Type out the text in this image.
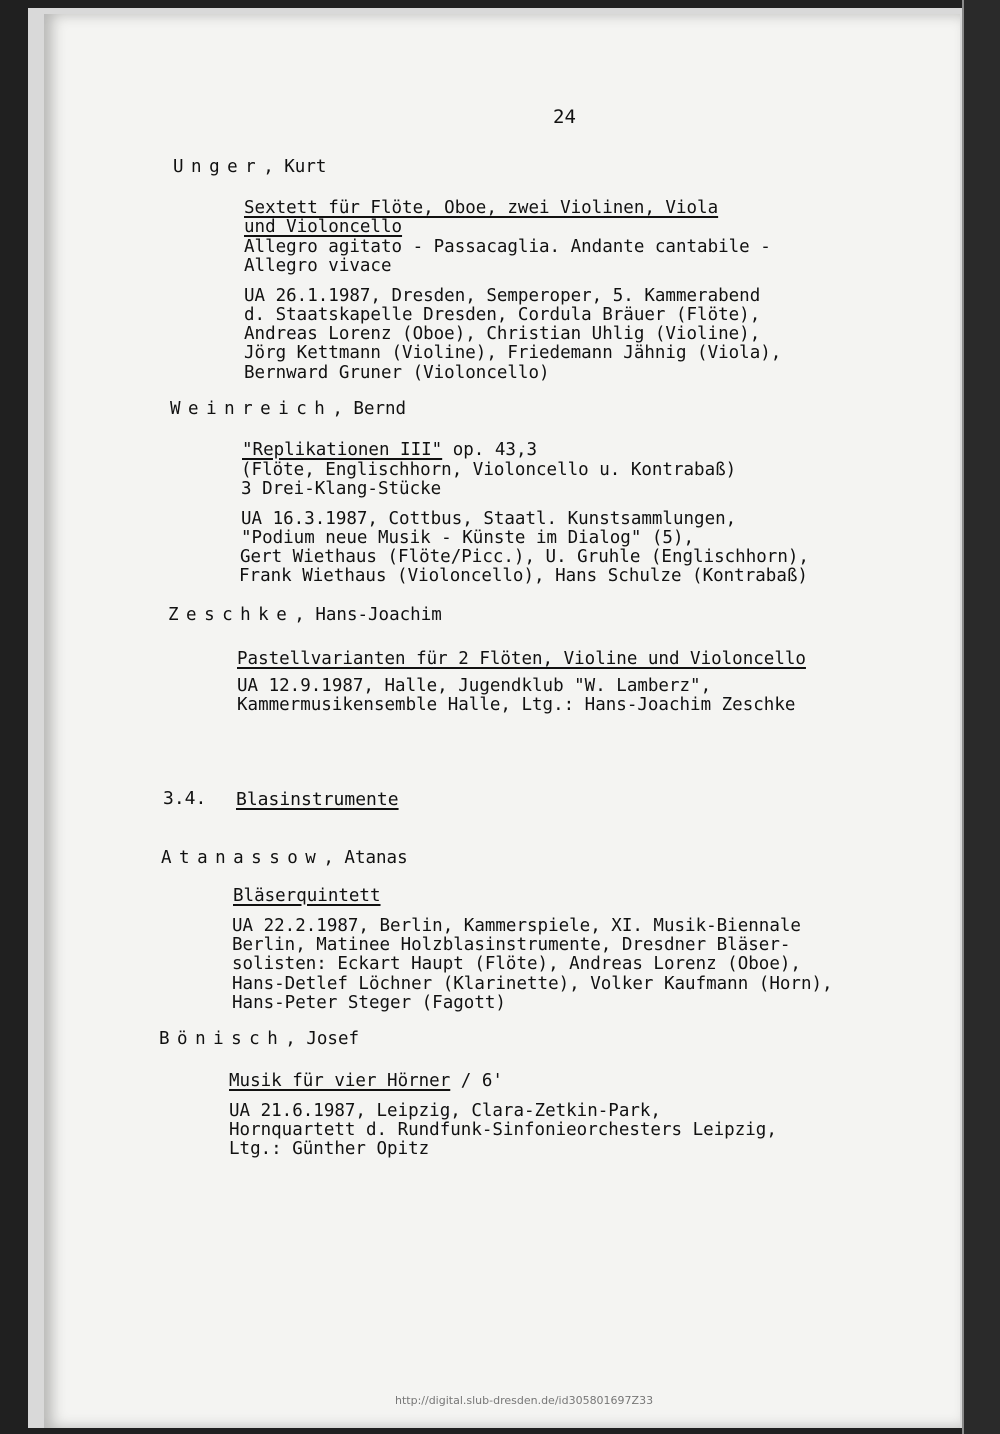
24
Unger, Kurt
Sextett für Flöte, Oboe, zwei Violinen, Viola
und Violoncello
Allegro agitato - Passacaglia. Andante cantabile -
Allegro vivace
UA 26.1.1987, Dresden, Semperoper, 5. Kammerabend
d. Staatskapelle Dresden, Cordula Bräuer (Flöte),
Andreas Lorenz (Oboe), Christian Uhlig (Violine),
Jörg Kettmann (Violine), Friedemann Jähnig (Viola),
Bernward Gruner (Violoncello)
Weinreich, Bernd
"Replikationen III" op. 43,3
(Flöte, Englischhorn, Violoncello u. Kontrabaß)
3 Drei-Klang-Stücke
UA 16.3.1987, Cottbus, Staatl. Kunstsammlungen,
"Podium neue Musik - Künste im Dialog" (5),
Gert Wiethaus (Flöte/Picc.), U. Gruhle (Englischhorn),
Frank Wiethaus (Violoncello), Hans Schulze (Kontrabaß)
Zeschke, Hans-Joachim
Pastellvarianten für 2 Flöten, Violine und Violoncello
UA 12.9.1987, Halle, Jugendklub "W. Lamberz",
Kammermusikensemble Halle, Ltg.: Hans-Joachim Zeschke
3.4. Blasinstrumente
Atanassow, Atanas
Bläserquintett
UA 22.2.1987, Berlin, Kammerspiele, XI. Musik-Biennale
Berlin, Matinee Holzblasinstrumente, Dresdner Bläser-
solisten: Eckart Haupt (Flöte), Andreas Lorenz (Oboe),
Hans-Detlef Löchner (Klarinette), Volker Kaufmann (Horn),
Hans-Peter Steger (Fagott)
Bönisch, Josef
Musik für vier Hörner / 6'
UA 21.6.1987, Leipzig, Clara-Zetkin-Park,
Hornquartett d. Rundfunk-Sinfonieorchesters Leipzig,
Ltg.: Günther Opitz
http://digital.slub-dresden.de/id305801697Z33
